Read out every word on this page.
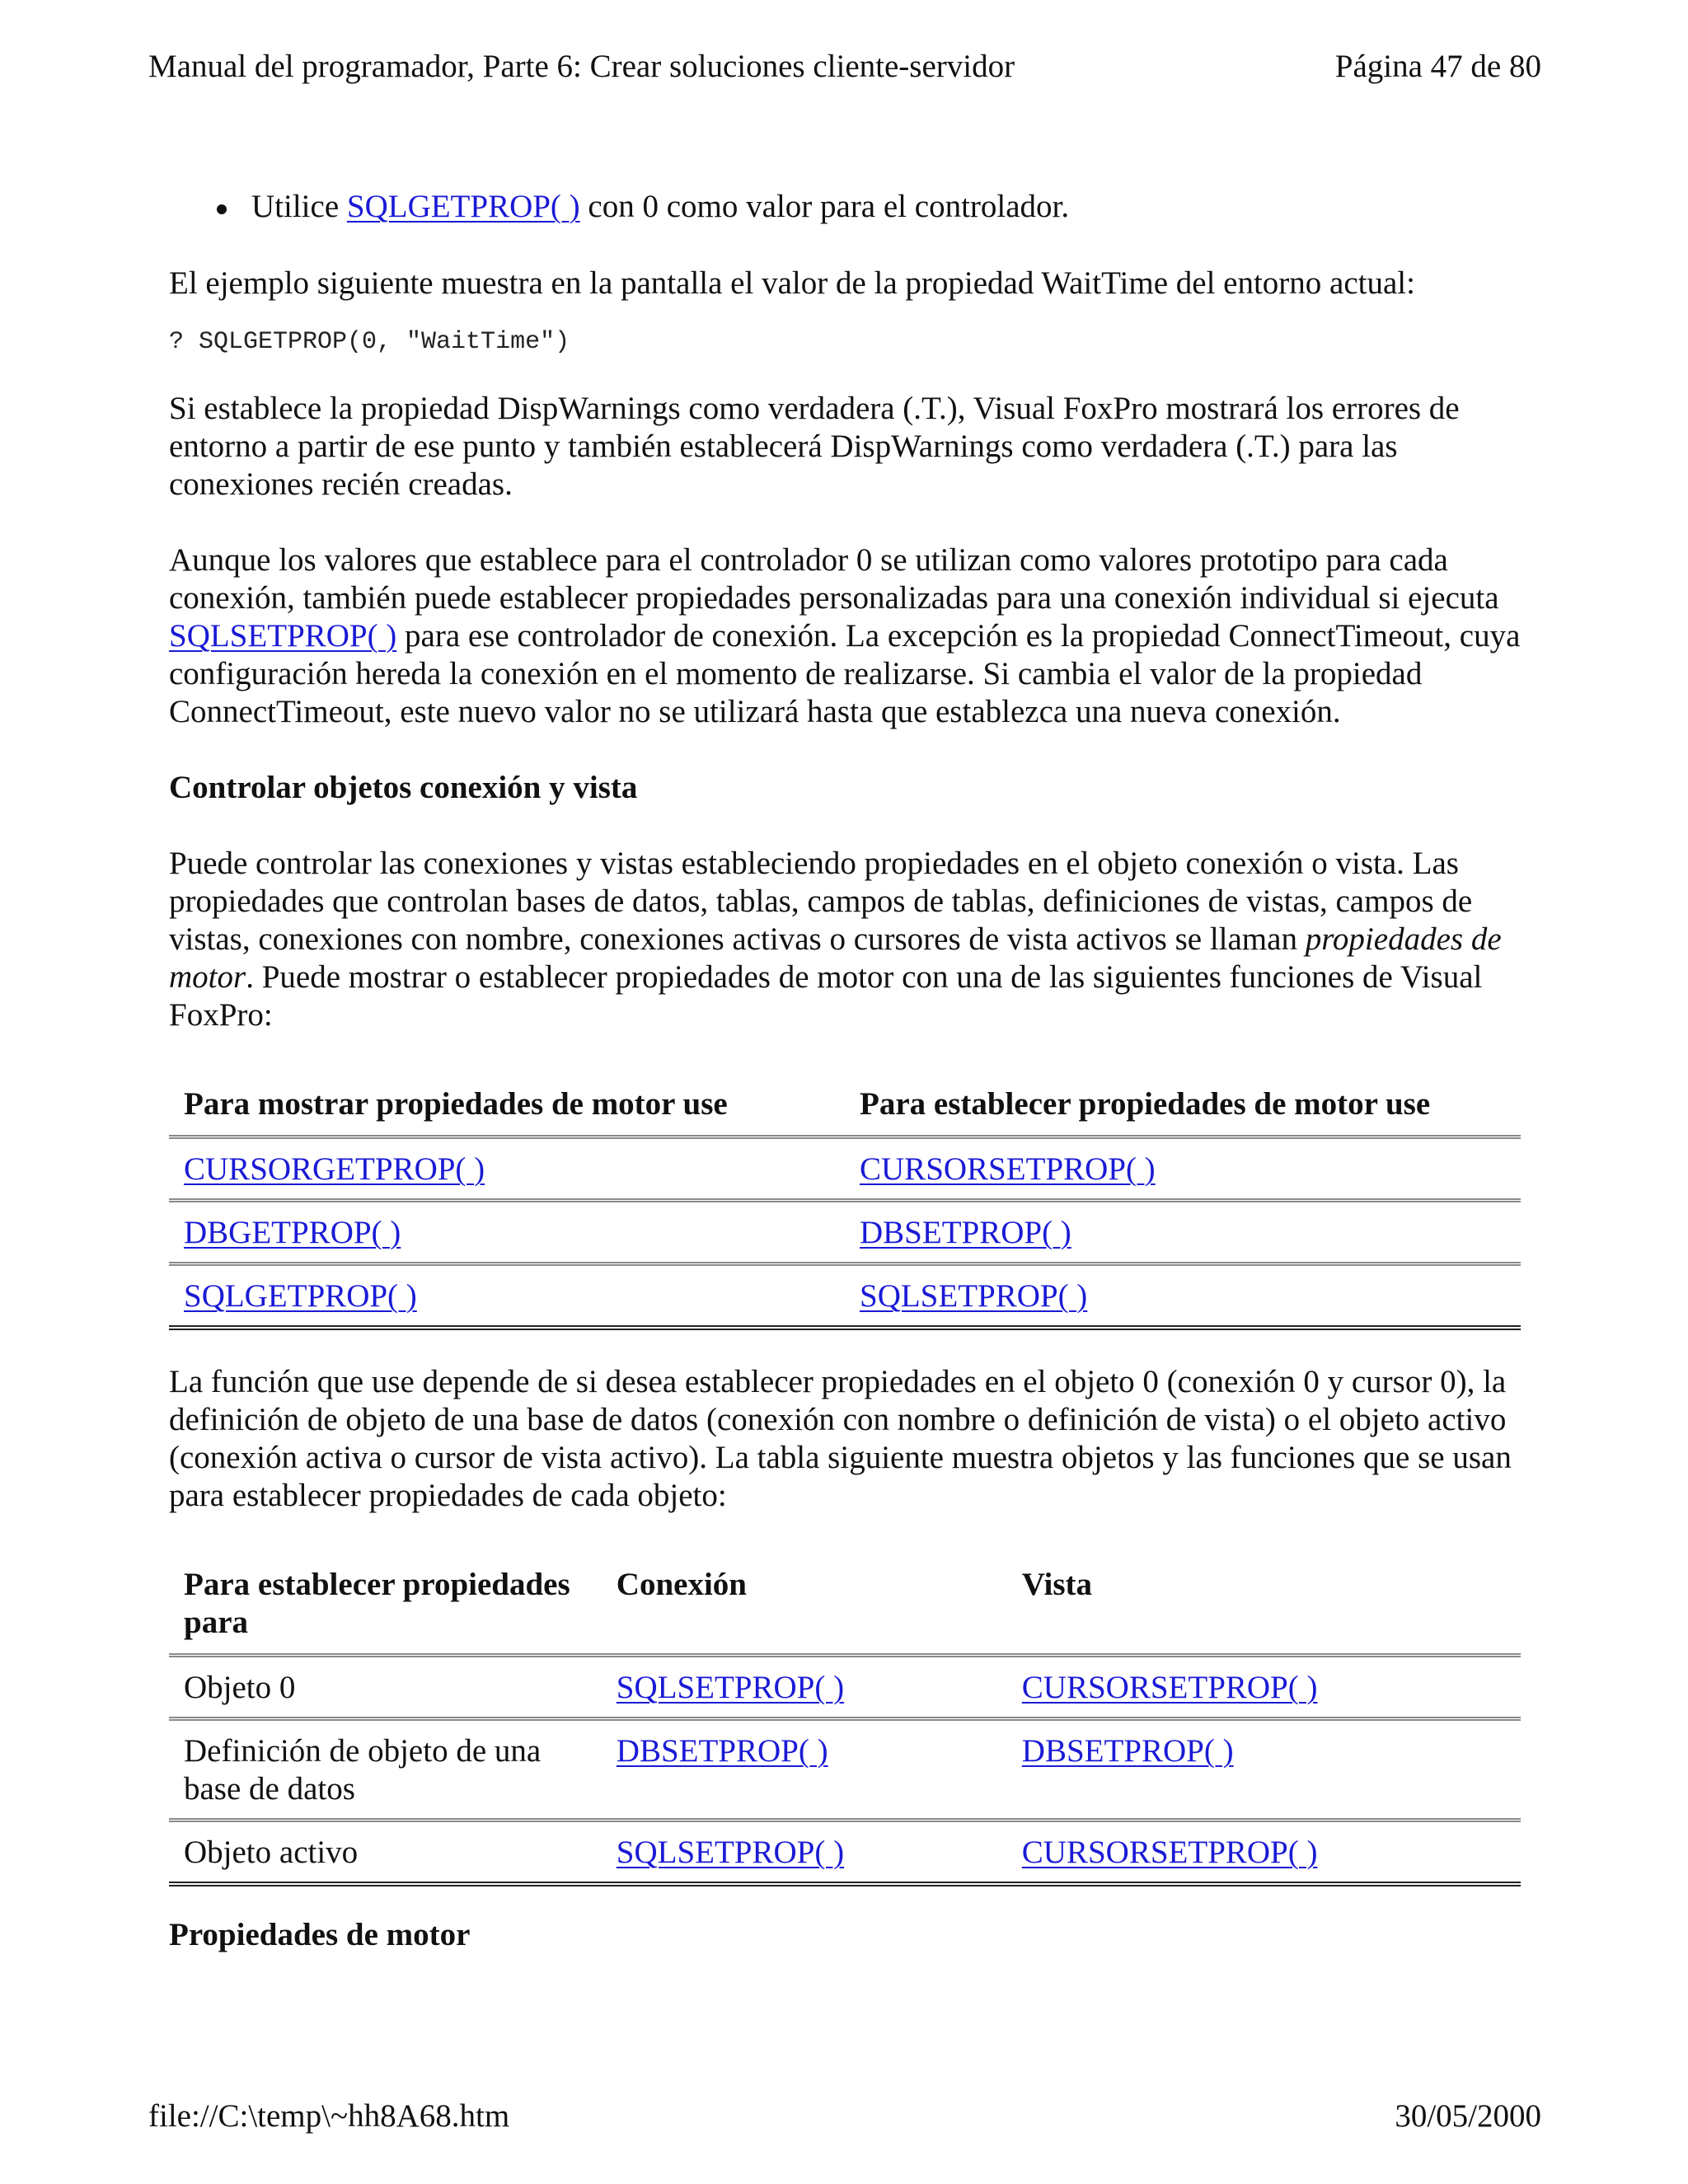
Manual del programador, Parte 6: Crear soluciones cliente-servidor	Página 47 de 80

Utilice SQLGETPROP( ) con 0 como valor para el controlador.

El ejemplo siguiente muestra en la pantalla el valor de la propiedad WaitTime del entorno actual:

? SQLGETPROP(0, "WaitTime")

Si establece la propiedad DispWarnings como verdadera (.T.), Visual FoxPro mostrará los errores de entorno a partir de ese punto y también establecerá DispWarnings como verdadera (.T.) para las conexiones recién creadas.

Aunque los valores que establece para el controlador 0 se utilizan como valores prototipo para cada conexión, también puede establecer propiedades personalizadas para una conexión individual si ejecuta SQLSETPROP( ) para ese controlador de conexión. La excepción es la propiedad ConnectTimeout, cuya configuración hereda la conexión en el momento de realizarse. Si cambia el valor de la propiedad ConnectTimeout, este nuevo valor no se utilizará hasta que establezca una nueva conexión.

Controlar objetos conexión y vista

Puede controlar las conexiones y vistas estableciendo propiedades en el objeto conexión o vista. Las propiedades que controlan bases de datos, tablas, campos de tablas, definiciones de vistas, campos de vistas, conexiones con nombre, conexiones activas o cursores de vista activos se llaman propiedades de motor. Puede mostrar o establecer propiedades de motor con una de las siguientes funciones de Visual FoxPro:

Para mostrar propiedades de motor use	Para establecer propiedades de motor use
CURSORGETPROP( )	CURSORSETPROP( )
DBGETPROP( )	DBSETPROP( )
SQLGETPROP( )	SQLSETPROP( )

La función que use depende de si desea establecer propiedades en el objeto 0 (conexión 0 y cursor 0), la definición de objeto de una base de datos (conexión con nombre o definición de vista) o el objeto activo (conexión activa o cursor de vista activo). La tabla siguiente muestra objetos y las funciones que se usan para establecer propiedades de cada objeto:

Para establecer propiedades para	Conexión	Vista
Objeto 0	SQLSETPROP( )	CURSORSETPROP( )
Definición de objeto de una base de datos	DBSETPROP( )	DBSETPROP( )
Objeto activo	SQLSETPROP( )	CURSORSETPROP( )

Propiedades de motor

file://C:\temp\~hh8A68.htm	30/05/2000
